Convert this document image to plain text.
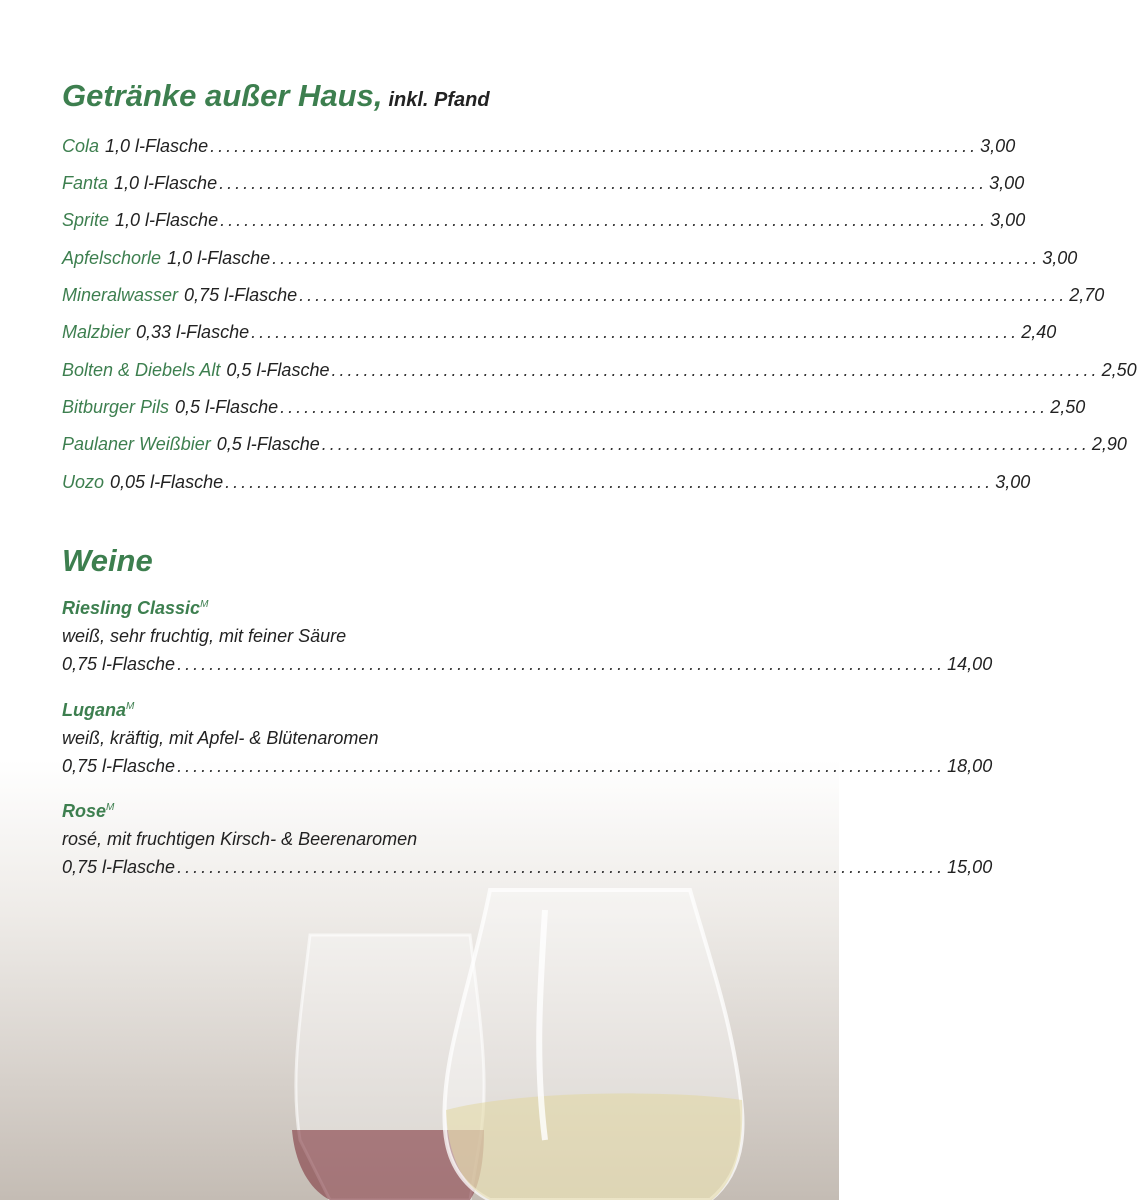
Getränke außer Haus, inkl. Pfand
Cola 1,0 l-Flasche ................................................................................................ 3,00
Fanta 1,0 l-Flasche ................................................................................................ 3,00
Sprite 1,0 l-Flasche ................................................................................................ 3,00
Apfelschorle 1,0 l-Flasche ................................................................................................ 3,00
Mineralwasser 0,75 l-Flasche ................................................................................................ 2,70
Malzbier 0,33 l-Flasche ................................................................................................ 2,40
Bolten & Diebels Alt 0,5 l-Flasche ................................................................................................ 2,50
Bitburger Pils 0,5 l-Flasche ................................................................................................ 2,50
Paulaner Weißbier 0,5 l-Flasche ................................................................................................ 2,90
Uozo 0,05 l-Flasche ................................................................................................ 3,00
Weine
Riesling Classic$^M$
weiß, sehr fruchtig, mit feiner Säure
0,75 l-Flasche ................................................................................................ 14,00
Lugana$^M$
weiß, kräftig, mit Apfel- & Blütenaromen
0,75 l-Flasche ................................................................................................ 18,00
Rose$^M$
rosé, mit fruchtigen Kirsch- & Beerenaromen
0,75 l-Flasche ................................................................................................ 15,00
